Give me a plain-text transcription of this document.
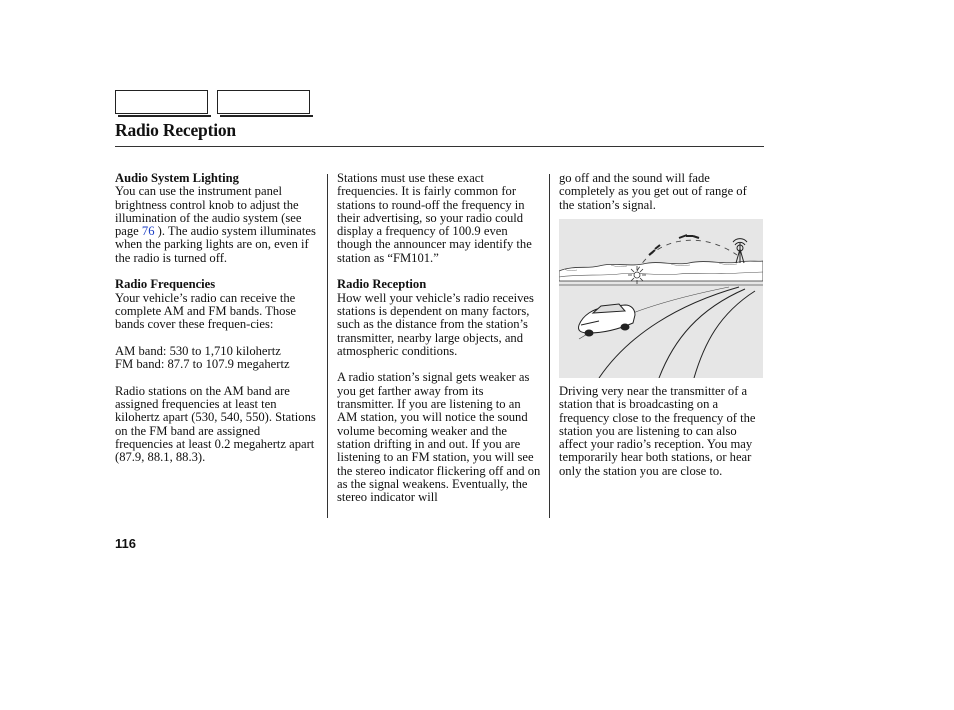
Radio Reception
Audio System Lighting

You can use the instrument panel brightness control knob to adjust the illumination of the audio system (see page 76 ). The audio system illuminates when the parking lights are on, even if the radio is turned off.

Radio Frequencies

Your vehicle’s radio can receive the complete AM and FM bands. Those bands cover these frequen-cies:

AM band: 530 to 1,710 kilohertz

FM band: 87.7 to 107.9 megahertz

Radio stations on the AM band are assigned frequencies at least ten kilohertz apart (530, 540, 550). Stations on the FM band are assigned frequencies at least 0.2 megahertz apart (87.9, 88.1, 88.3).

Stations must use these exact frequencies. It is fairly common for stations to round-off the frequency in their advertising, so your radio could display a frequency of 100.9 even though the announcer may identify the station as “FM101.”

Radio Reception

How well your vehicle’s radio receives stations is dependent on many factors, such as the distance from the station’s transmitter, nearby large objects, and atmospheric conditions.

A radio station’s signal gets weaker as you get farther away from its transmitter. If you are listening to an AM station, you will notice the sound volume becoming weaker and the station drifting in and out. If you are listening to an FM station, you will see the stereo indicator flickering off and on as the signal weakens. Eventually, the stereo indicator will

go off and the sound will fade completely as you get out of range of the station’s signal.

Driving very near the transmitter of a station that is broadcasting on a frequency close to the frequency of the station you are listening to can also affect your radio’s reception. You may temporarily hear both stations, or hear only the station you are close to.

116
